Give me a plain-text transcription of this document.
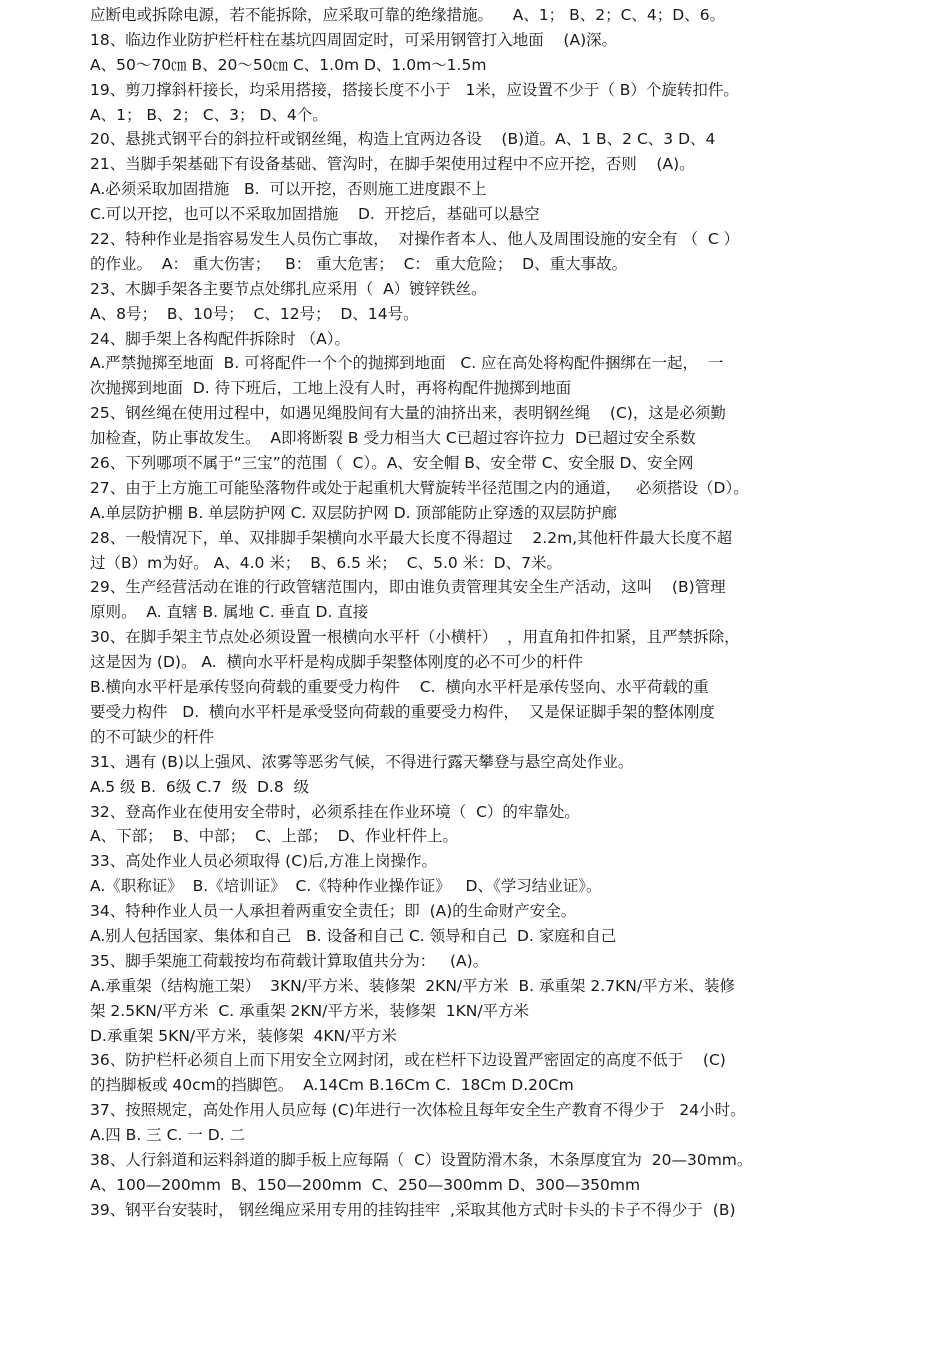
应断电或拆除电源，若不能拆除，应采取可靠的绝缘措施。    A、1； B、2；C、4；D、6。
18、临边作业防护栏杆柱在基坑四周固定时，可采用钢管打入地面    (A)深。
A、50～70㎝ B、20～50㎝ C、1.0m D、1.0m～1.5m
19、剪刀撑斜杆接长，均采用搭接，搭接长度不小于   1米，应设置不少于（ B）个旋转扣件。
A、1； B、2； C、3； D、4个。
20、悬挑式钢平台的斜拉杆或钢丝绳，构造上宜两边各设    (B)道。A、1 B、2 C、3 D、4
21、当脚手架基础下有设备基础、管沟时，在脚手架使用过程中不应开挖，否则    (A)。
A.必须采取加固措施   B.  可以开挖，否则施工进度跟不上
C.可以开挖，也可以不采取加固措施    D.  开挖后，基础可以悬空
22、特种作业是指容易发生人员伤亡事故，  对操作者本人、他人及周围设施的安全有 （  C ）
的作业。  A： 重大伤害；   B： 重大危害；  C： 重大危险；  D、重大事故。
23、木脚手架各主要节点处绑扎应采用（  A）镀锌铁丝。
A、8号；  B、10号；  C、12号；  D、14号。
24、脚手架上各构配件拆除时 （A）。
A.严禁抛掷至地面  B. 可将配件一个个的抛掷到地面   C. 应在高处将构配件捆绑在一起，  一
次抛掷到地面  D. 待下班后，工地上没有人时，再将构配件抛掷到地面
25、钢丝绳在使用过程中，如遇见绳股间有大量的油挤出来，表明钢丝绳    (C)，这是必须勤
加检查，防止事故发生。  A即将断裂 B 受力相当大 C已超过容许拉力  D已超过安全系数
26、下列哪项不属于“三宝”的范围（  C）。A、安全帽 B、安全带 C、安全服 D、安全网
27、由于上方施工可能坠落物件或处于起重机大臂旋转半径范围之内的通道，   必须搭设（D）。
A.单层防护棚 B. 单层防护网 C. 双层防护网 D. 顶部能防止穿透的双层防护廊
28、一般情况下，单、双排脚手架横向水平最大长度不得超过    2.2m,其他杆件最大长度不超
过（B）m为好。 A、4.0 米；  B、6.5 米；  C、5.0 米：D、7米。
29、生产经营活动在谁的行政管辖范围内，即由谁负责管理其安全生产活动，这叫    (B)管理
原则。  A. 直辖 B. 属地 C. 垂直 D. 直接
30、在脚手架主节点处必须设置一根横向水平杆（小横杆）  ，用直角扣件扣紧，且严禁拆除，
这是因为 (D)。 A.  横向水平杆是构成脚手架整体刚度的必不可少的杆件
B.横向水平杆是承传竖向荷载的重要受力构件    C.  横向水平杆是承传竖向、水平荷载的重
要受力构件   D.  横向水平杆是承受竖向荷载的重要受力构件，  又是保证脚手架的整体刚度
的不可缺少的杆件
31、遇有 (B)以上强风、浓雾等恶劣气候，不得进行露天攀登与悬空高处作业。
A.5 级 B.  6级 C.7  级  D.8  级
32、登高作业在使用安全带时，必须系挂在作业环境（  C）的牢靠处。
A、下部；  B、中部；  C、上部；  D、作业杆件上。
33、高处作业人员必须取得 (C)后,方准上岗操作。
A.《职称证》  B.《培训证》  C.《特种作业操作证》   D、《学习结业证》。
34、特种作业人员一人承担着两重安全责任；即  (A)的生命财产安全。
A.别人包括国家、集体和自己   B. 设备和自己 C. 领导和自己  D. 家庭和自己
35、脚手架施工荷载按均布荷载计算取值共分为：   (A)。
A.承重架（结构施工架）  3KN/平方米、装修架  2KN/平方米  B. 承重架 2.7KN/平方米、装修
架 2.5KN/平方米  C. 承重架 2KN/平方米，装修架  1KN/平方米
D.承重架 5KN/平方米，装修架  4KN/平方米
36、防护栏杆必须自上而下用安全立网封闭，或在栏杆下边设置严密固定的高度不低于    (C)
的挡脚板或 40cm的挡脚笆。  A.14Cm B.16Cm C.  18Cm D.20Cm
37、按照规定，高处作用人员应每 (C)年进行一次体检且每年安全生产教育不得少于   24小时。
A.四 B. 三 C. 一 D. 二
38、人行斜道和运料斜道的脚手板上应每隔（  C）设置防滑木条，木条厚度宜为  20—30mm。
A、100—200mm  B、150—200mm  C、250—300mm D、300—350mm
39、钢平台安装时， 钢丝绳应采用专用的挂钩挂牢  ,采取其他方式时卡头的卡子不得少于  (B)
